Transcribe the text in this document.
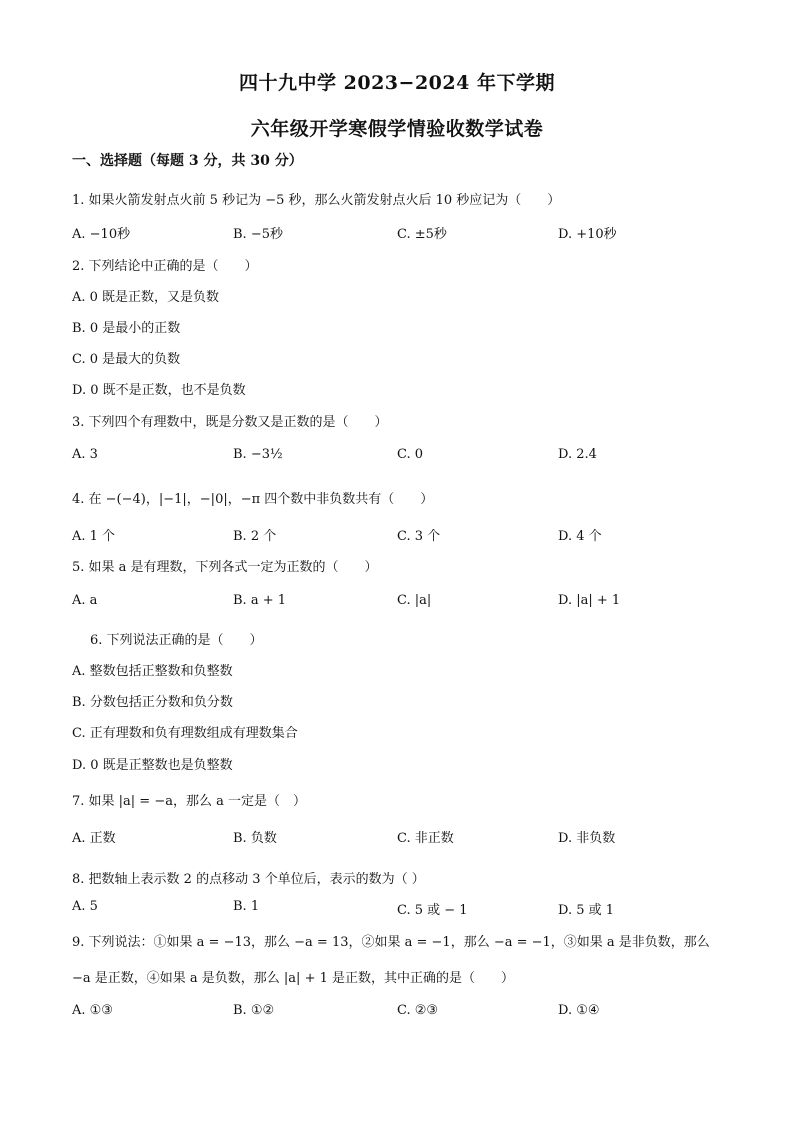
四十九中学 2023−2024 年下学期
六年级开学寒假学情验收数学试卷
一、选择题（每题 3 分，共 30 分）
1. 如果火箭发射点火前 5 秒记为 −5 秒，那么火箭发射点火后 10 秒应记为（　　）
A. −10秒	B. −5秒	C. ±5秒	D. +10秒
2. 下列结论中正确的是（　　）
A. 0 既是正数，又是负数
B. 0 是最小的正数
C. 0 是最大的负数
D. 0 既不是正数，也不是负数
3. 下列四个有理数中，既是分数又是正数的是（　　）
A. 3	B. −3½	C. 0	D. 2.4
4. 在 −(−4)，|−1|，−|0|，−π 四个数中非负数共有（　　）
A. 1 个	B. 2 个	C. 3 个	D. 4 个
5. 如果 a 是有理数，下列各式一定为正数的（　　）
A. a	B. a + 1	C. |a|	D. |a| + 1
6. 下列说法正确的是（　　）
A. 整数包括正整数和负整数
B. 分数包括正分数和负分数
C. 正有理数和负有理数组成有理数集合
D. 0 既是正整数也是负整数
7. 如果 |a| = −a，那么 a 一定是（　）
A. 正数	B. 负数	C. 非正数	D. 非负数
8. 把数轴上表示数 2 的点移动 3 个单位后，表示的数为（ ）
A. 5	B. 1	C. 5 或 − 1	D. 5 或 1
9. 下列说法：①如果 a = −13，那么 −a = 13，②如果 a = −1，那么 −a = −1，③如果 a 是非负数，那么
−a 是正数，④如果 a 是负数，那么 |a| + 1 是正数，其中正确的是（　　）
A. ①③	B. ①②	C. ②③	D. ①④
